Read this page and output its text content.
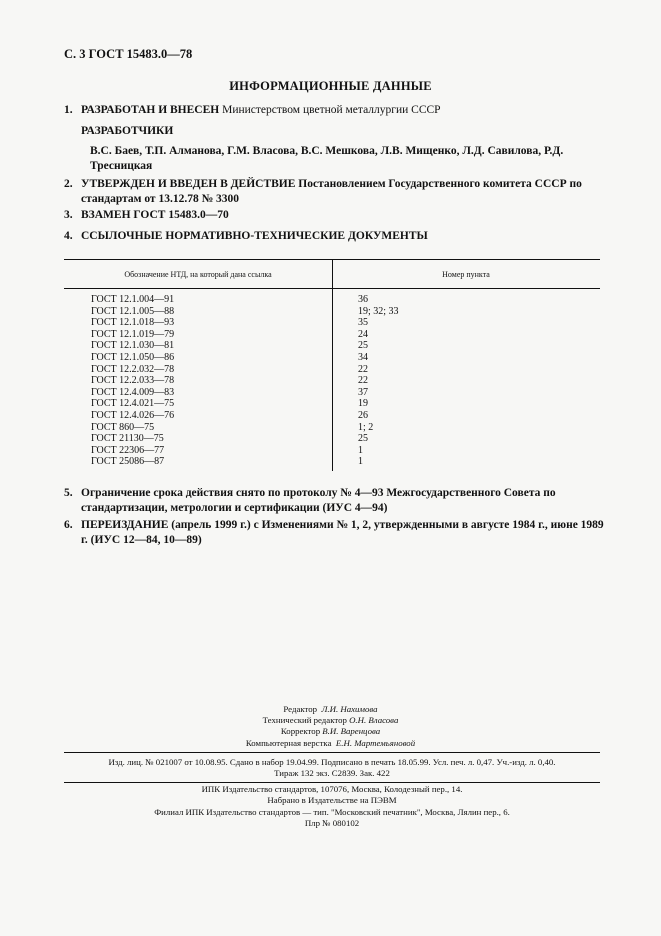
С. 3 ГОСТ 15483.0—78
ИНФОРМАЦИОННЫЕ ДАННЫЕ
1. РАЗРАБОТАН И ВНЕСЕН Министерством цветной металлургии СССР
РАЗРАБОТЧИКИ
В.С. Баев, Т.П. Алманова, Г.М. Власова, В.С. Мешкова, Л.В. Мищенко, Л.Д. Савилова, Р.Д. Тресницкая
2. УТВЕРЖДЕН И ВВЕДЕН В ДЕЙСТВИЕ Постановлением Государственного комитета СССР по стандартам от 13.12.78 № 3300
3. ВЗАМЕН ГОСТ 15483.0—70
4. ССЫЛОЧНЫЕ НОРМАТИВНО-ТЕХНИЧЕСКИЕ ДОКУМЕНТЫ
Обозначение НТД, на который дана ссылка	Номер пункта
ГОСТ 12.1.004—91
ГОСТ 12.1.005—88
ГОСТ 12.1.018—93
ГОСТ 12.1.019—79
ГОСТ 12.1.030—81
ГОСТ 12.1.050—86
ГОСТ 12.2.032—78
ГОСТ 12.2.033—78
ГОСТ 12.4.009—83
ГОСТ 12.4.021—75
ГОСТ 12.4.026—76
ГОСТ 860—75
ГОСТ 21130—75
ГОСТ 22306—77
ГОСТ 25086—87
36
19; 32; 33
35
24
25
34
22
22
37
19
26
1; 2
25
1
1
5. Ограничение срока действия снято по протоколу № 4—93 Межгосударственного Совета по стандартизации, метрологии и сертификации (ИУС 4—94)
6. ПЕРЕИЗДАНИЕ (апрель 1999 г.) с Изменениями № 1, 2, утвержденными в августе 1984 г., июне 1989 г. (ИУС 12—84, 10—89)
Редактор Л.И. Нахимова
Технический редактор О.Н. Власова
Корректор В.И. Варенцова
Компьютерная верстка Е.Н. Мартемьяновой
Изд. лиц. № 021007 от 10.08.95. Сдано в набор 19.04.99. Подписано в печать 18.05.99. Усл. печ. л. 0,47. Уч.-изд. л. 0,40.
Тираж 132 экз. С2839. Зак. 422
ИПК Издательство стандартов, 107076, Москва, Колодезный пер., 14.
Набрано в Издательстве на ПЭВМ
Филиал ИПК Издательство стандартов — тип. "Московский печатник", Москва, Лялин пер., 6.
Плр № 080102
